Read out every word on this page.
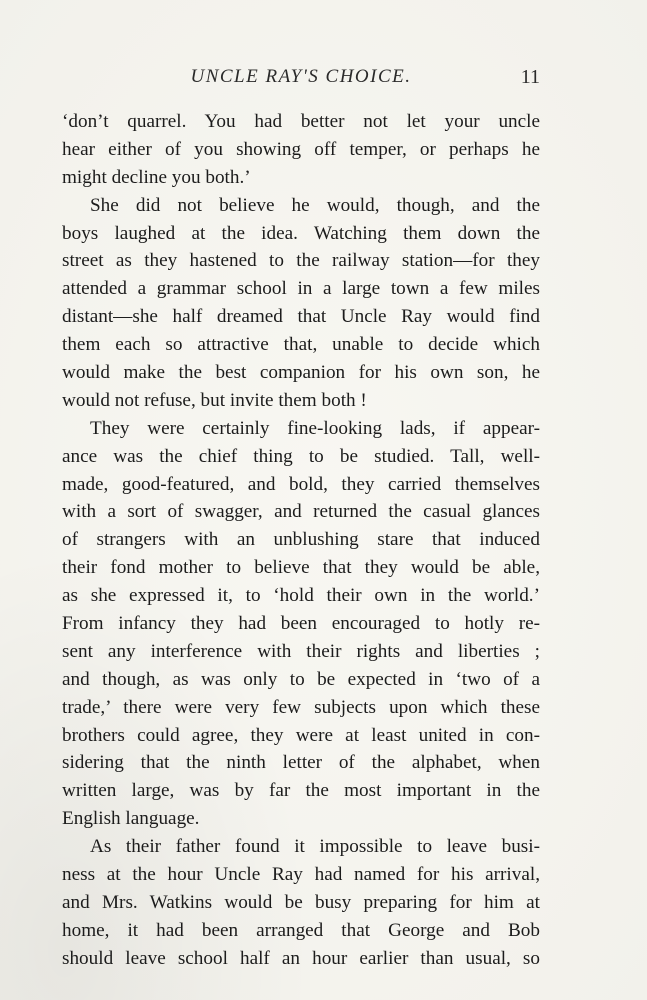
UNCLE RAY'S CHOICE.	11
‘don’t quarrel. You had better not let your uncle
hear either of you showing off temper, or perhaps he
might decline you both.’
She did not believe he would, though, and the
boys laughed at the idea. Watching them down the
street as they hastened to the railway station—for they
attended a grammar school in a large town a few miles
distant—she half dreamed that Uncle Ray would find
them each so attractive that, unable to decide which
would make the best companion for his own son, he
would not refuse, but invite them both !
They were certainly fine-looking lads, if appear-
ance was the chief thing to be studied. Tall, well-
made, good-featured, and bold, they carried themselves
with a sort of swagger, and returned the casual glances
of strangers with an unblushing stare that induced
their fond mother to believe that they would be able,
as she expressed it, to ‘hold their own in the world.’
From infancy they had been encouraged to hotly re-
sent any interference with their rights and liberties ;
and though, as was only to be expected in ‘two of a
trade,’ there were very few subjects upon which these
brothers could agree, they were at least united in con-
sidering that the ninth letter of the alphabet, when
written large, was by far the most important in the
English language.
As their father found it impossible to leave busi-
ness at the hour Uncle Ray had named for his arrival,
and Mrs. Watkins would be busy preparing for him at
home, it had been arranged that George and Bob
should leave school half an hour earlier than usual, so
